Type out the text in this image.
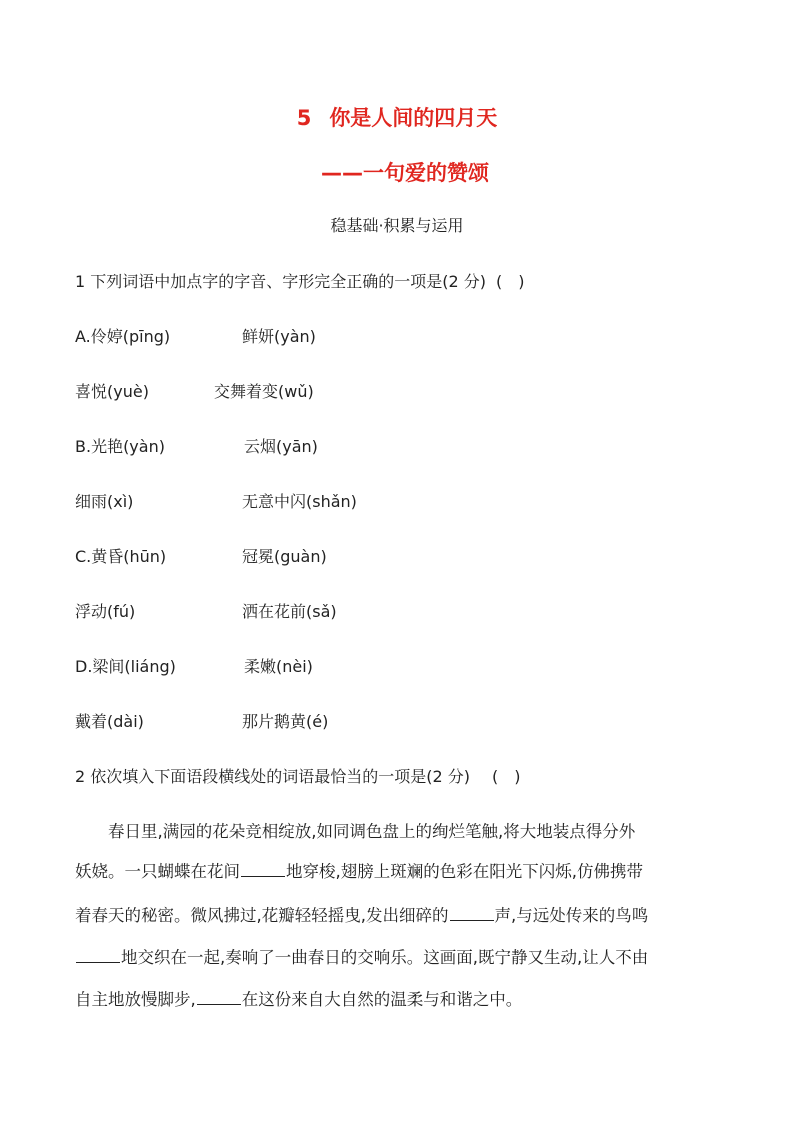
5 你是人间的四月天
——一句爱的赞颂
稳基础·积累与运用
1 下列词语中加点字的字音、字形完全正确的一项是(2 分) (　)
A.伶婷(pīng)	鲜妍(yàn)
喜悦(yuè)	交舞着变(wǔ)
B.光艳(yàn)	云烟(yān)
细雨(xì)	无意中闪(shǎn)
C.黄昏(hūn)	冠冕(guàn)
浮动(fú)	洒在花前(sǎ)
D.梁间(liáng)	柔嫩(nèi)
戴着(dài)	那片鹅黄(é)
2 依次填入下面语段横线处的词语最恰当的一项是(2 分) (　)
春日里,满园的花朵竞相绽放,如同调色盘上的绚烂笔触,将大地装点得分外
妖娆。一只蝴蝶在花间	地穿梭,翅膀上斑斓的色彩在阳光下闪烁,仿佛携带
着春天的秘密。微风拂过,花瓣轻轻摇曳,发出细碎的	声,与远处传来的鸟鸣
地交织在一起,奏响了一曲春日的交响乐。这画面,既宁静又生动,让人不由
自主地放慢脚步,	在这份来自大自然的温柔与和谐之中。
